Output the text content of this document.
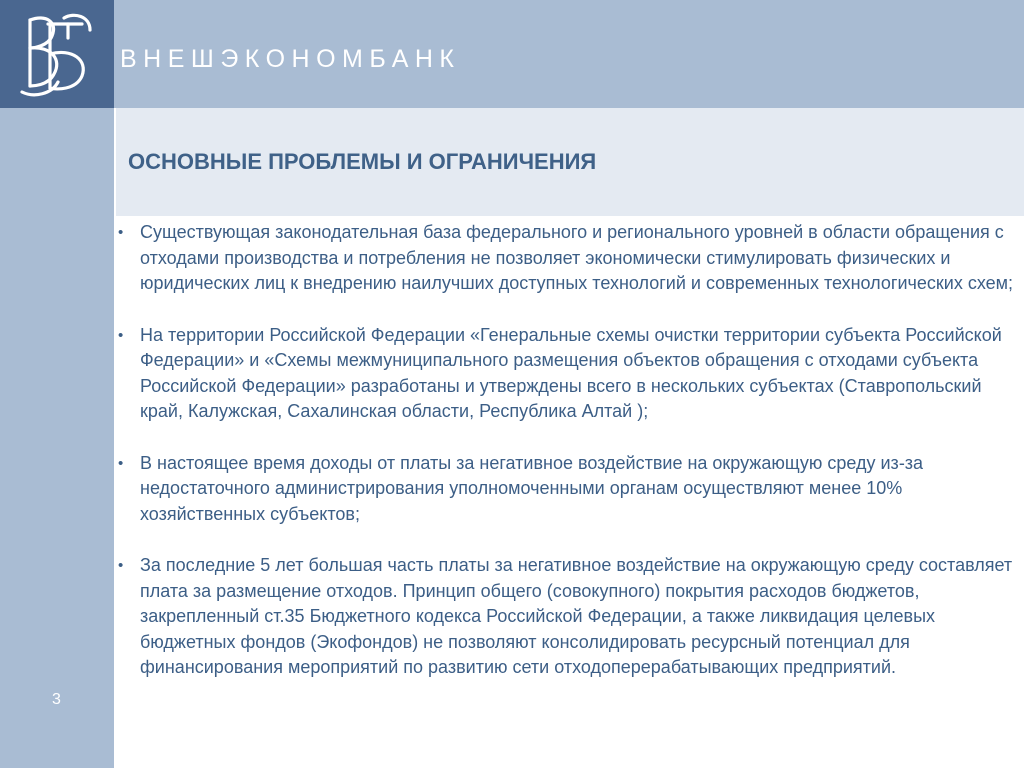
ВНЕШЭКОНОМБАНК
ОСНОВНЫЕ ПРОБЛЕМЫ И ОГРАНИЧЕНИЯ
3
• Существующая законодательная база федерального и регионального уровней в области обращения с отходами производства и потребления не позволяет экономически стимулировать физических и юридических лиц к внедрению наилучших доступных технологий и современных технологических схем;
• На территории Российской Федерации «Генеральные схемы очистки территории субъекта Российской Федерации» и «Схемы межмуниципального размещения объектов обращения с отходами субъекта Российской Федерации» разработаны и утверждены всего в нескольких субъектах (Ставропольский край, Калужская, Сахалинская области, Республика Алтай );
• В настоящее время доходы от платы за негативное воздействие на окружающую среду из-за недостаточного администрирования уполномоченными органам осуществляют менее 10% хозяйственных субъектов;
• За последние 5 лет большая часть платы за негативное воздействие на окружающую среду составляет плата за размещение отходов. Принцип общего (совокупного) покрытия расходов бюджетов, закрепленный ст.35 Бюджетного кодекса Российской Федерации, а также ликвидация целевых бюджетных фондов (Экофондов) не позволяют консолидировать ресурсный потенциал для финансирования мероприятий по развитию сети отходоперерабатывающих предприятий.
